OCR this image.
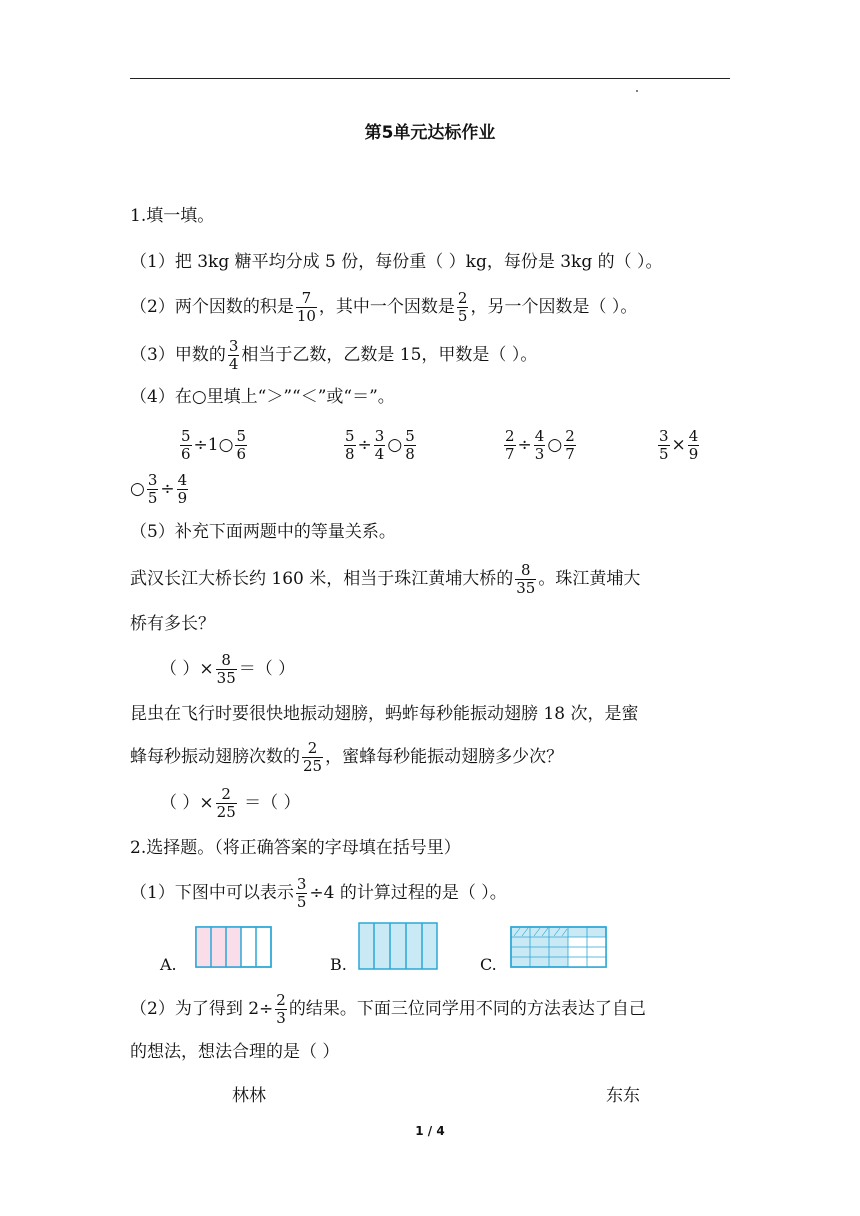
第5单元达标作业
1.填一填。
（1）把 3kg 糖平均分成 5 份，每份重（ ）kg，每份是 3kg 的（ ）。
（2）两个因数的积是 $\frac{7}{10}$ ，其中一个因数是 $\frac{2}{5}$ ，另一个因数是（ ）。
（3）甲数的 $\frac{3}{4}$ 相当于乙数，乙数是 15，甲数是（ ）。
（4）在○里填上“＞”“＜”或“＝”。
$\frac{5}{6}$ ÷1○ $\frac{5}{6}$	$\frac{5}{8} \div \frac{3}{4}$ ○ $\frac{5}{8}$	$\frac{2}{7} \div \frac{4}{3}$ ○ $\frac{2}{7}$	$\frac{3}{5} \times \frac{4}{9}$
○ $\frac{3}{5} \div \frac{4}{9}$
（5）补充下面两题中的等量关系。
武汉长江大桥长约 160 米，相当于珠江黄埔大桥的 $\frac{8}{35}$ 。珠江黄埔大
桥有多长？
（ ）× $\frac{8}{35}$ ＝（ ）
昆虫在飞行时要很快地振动翅膀，蚂蚱每秒能振动翅膀 18 次，是蜜
蜂每秒振动翅膀次数的 $\frac{2}{25}$ ，蜜蜂每秒能振动翅膀多少次？
（ ）× $\frac{2}{25}$ ＝（ ）
2.选择题。（将正确答案的字母填在括号里）
（1）下图中可以表示 $\frac{3}{5} \div 4$ 的计算过程的是（ ）。
A.	B.	C.
（2）为了得到 $2\div \frac{2}{3}$ 的结果。下面三位同学用不同的方法表达了自己
的想法，想法合理的是（ ）
林林	东东
1 / 4
